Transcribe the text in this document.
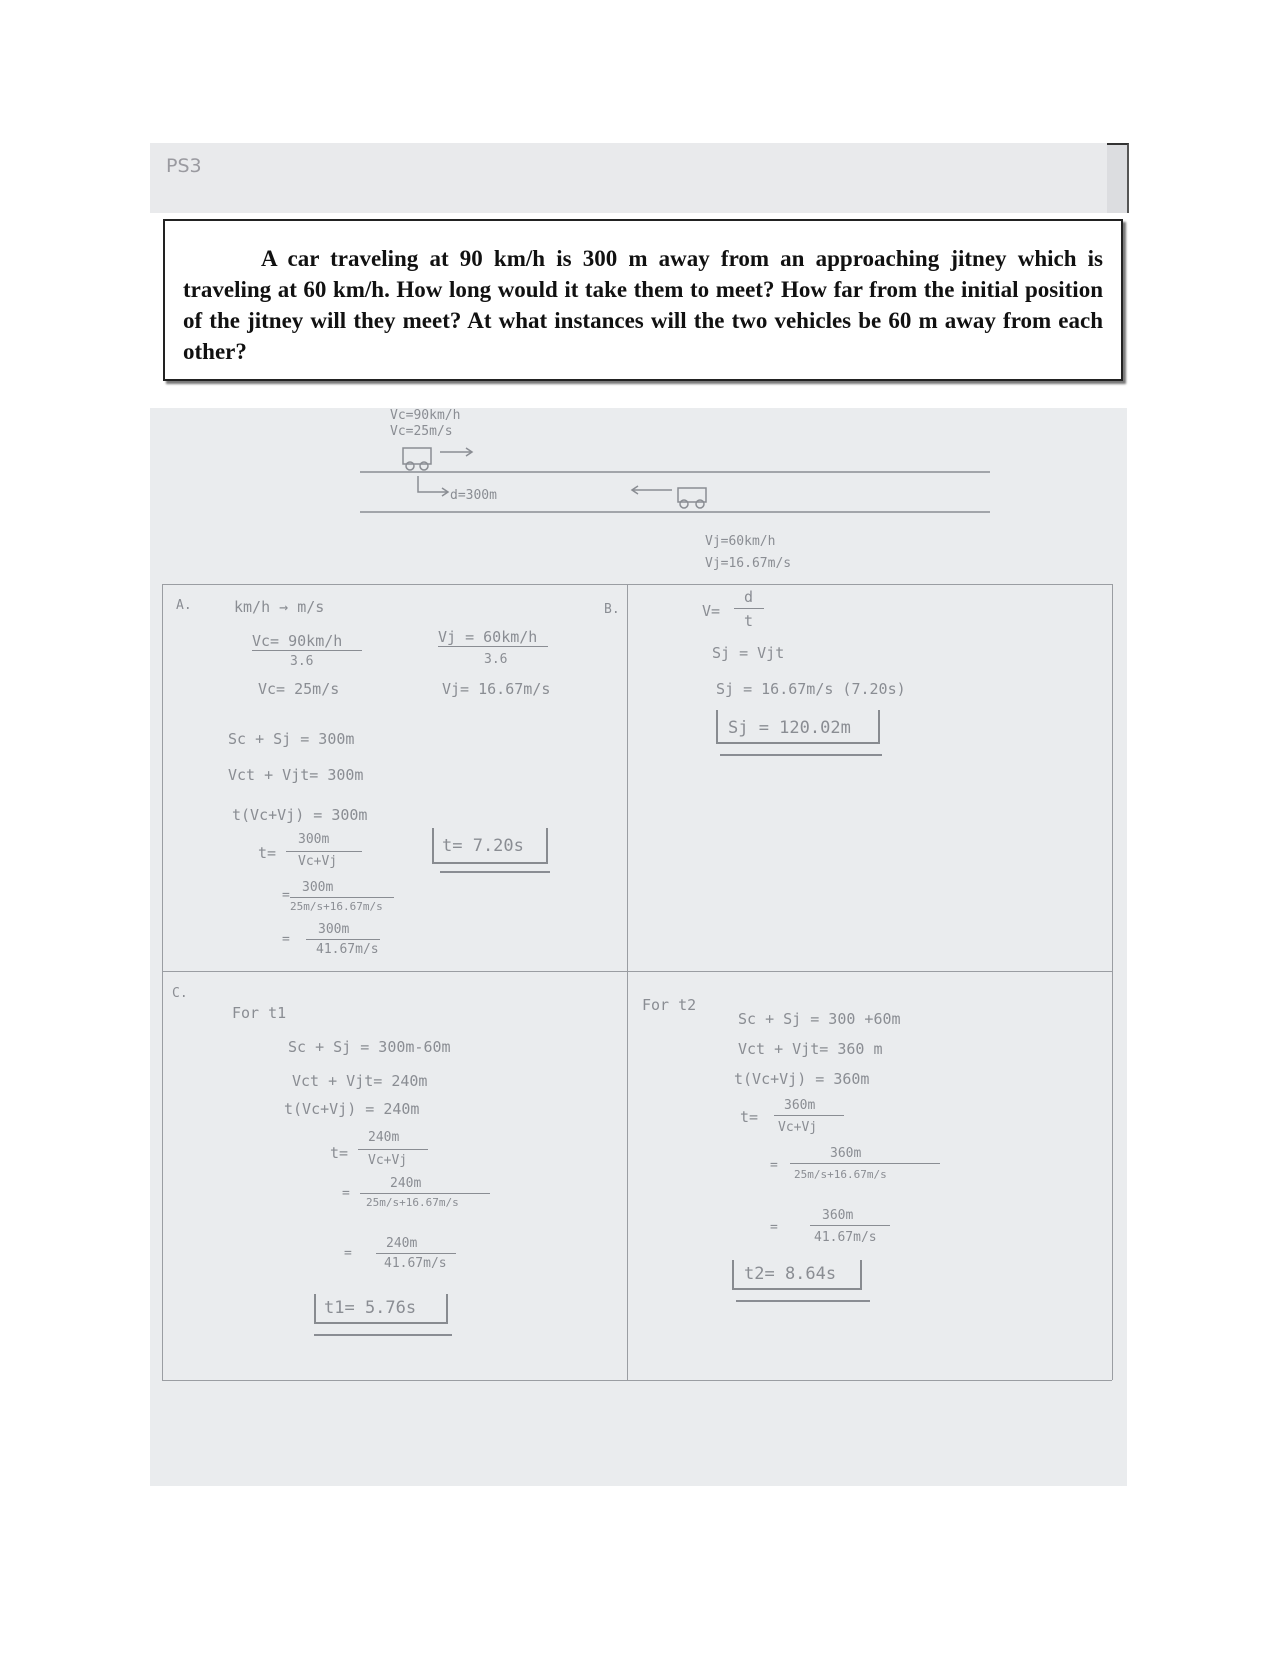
PS3

A car traveling at 90 km/h is 300 m away from an approaching jitney which is traveling at 60 km/h. How long would it take them to meet? How far from the initial position of the jitney will they meet? At what instances will the two vehicles be 60 m away from each other?

Vc=90km/h
Vc=25m/s
d=300m
Vj=60km/h
Vj=16.67m/s
A.	km/h → m/s
Vc= 90km/h
3.6
Vc= 25m/s
Vj = 60km/h
3.6
Vj= 16.67m/s
Sc + Sj = 300m
Vct + Vjt= 300m
t(Vc+Vj) = 300m
t=
300m
Vc+Vj
=
300m
25m/s+16.67m/s
=
300m
41.67m/s
t= 7.20s
B.	V=
d
t
Sj = Vjt
Sj = 16.67m/s (7.20s)
Sj = 120.02m
C.
For t1
Sc + Sj = 300m-60m
Vct + Vjt= 240m
t(Vc+Vj) = 240m
t=
240m
Vc+Vj
=
240m
25m/s+16.67m/s
=
240m
41.67m/s
t1= 5.76s
For t2
Sc + Sj = 300 +60m
Vct + Vjt= 360 m
t(Vc+Vj) = 360m
t=
360m
Vc+Vj
=
360m
25m/s+16.67m/s
=
360m
41.67m/s
t2= 8.64s
